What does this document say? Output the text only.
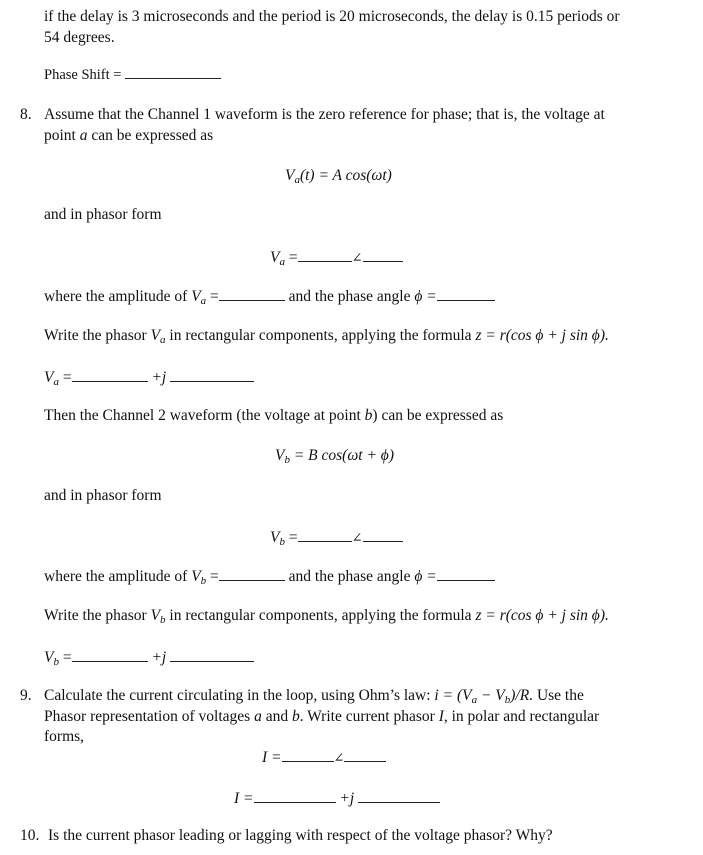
if the delay is 3 microseconds and the period is 20 microseconds, the delay is 0.15 periods or
54 degrees.
Phase Shift =
8. Assume that the Channel 1 waveform is the zero reference for phase; that is, the voltage at
point a can be expressed as
$V_a(t) = A$ cos(ωt)
and in phasor form
$V_a$ =	∠
where the amplitude of $V_a$ =	and the phase angle ϕ =
Write the phasor $V_a$ in rectangular components, applying the formula z = r(cos ϕ + j sin ϕ).
$V_a$ =	+j
Then the Channel 2 waveform (the voltage at point b) can be expressed as
$V_b = B$ cos(ωt + ϕ)
and in phasor form
$V_b$ =	∠
where the amplitude of $V_b$ =	and the phase angle ϕ =
Write the phasor $V_b$ in rectangular components, applying the formula z = r(cos ϕ + j sin ϕ).
$V_b$ =	+j
9. Calculate the current circulating in the loop, using Ohm’s law: $i = (V_a - V_b)/R$. Use the
Phasor representation of voltages a and b. Write current phasor I, in polar and rectangular
forms,
I =	∠
I =	+j
10. Is the current phasor leading or lagging with respect of the voltage phasor? Why?
